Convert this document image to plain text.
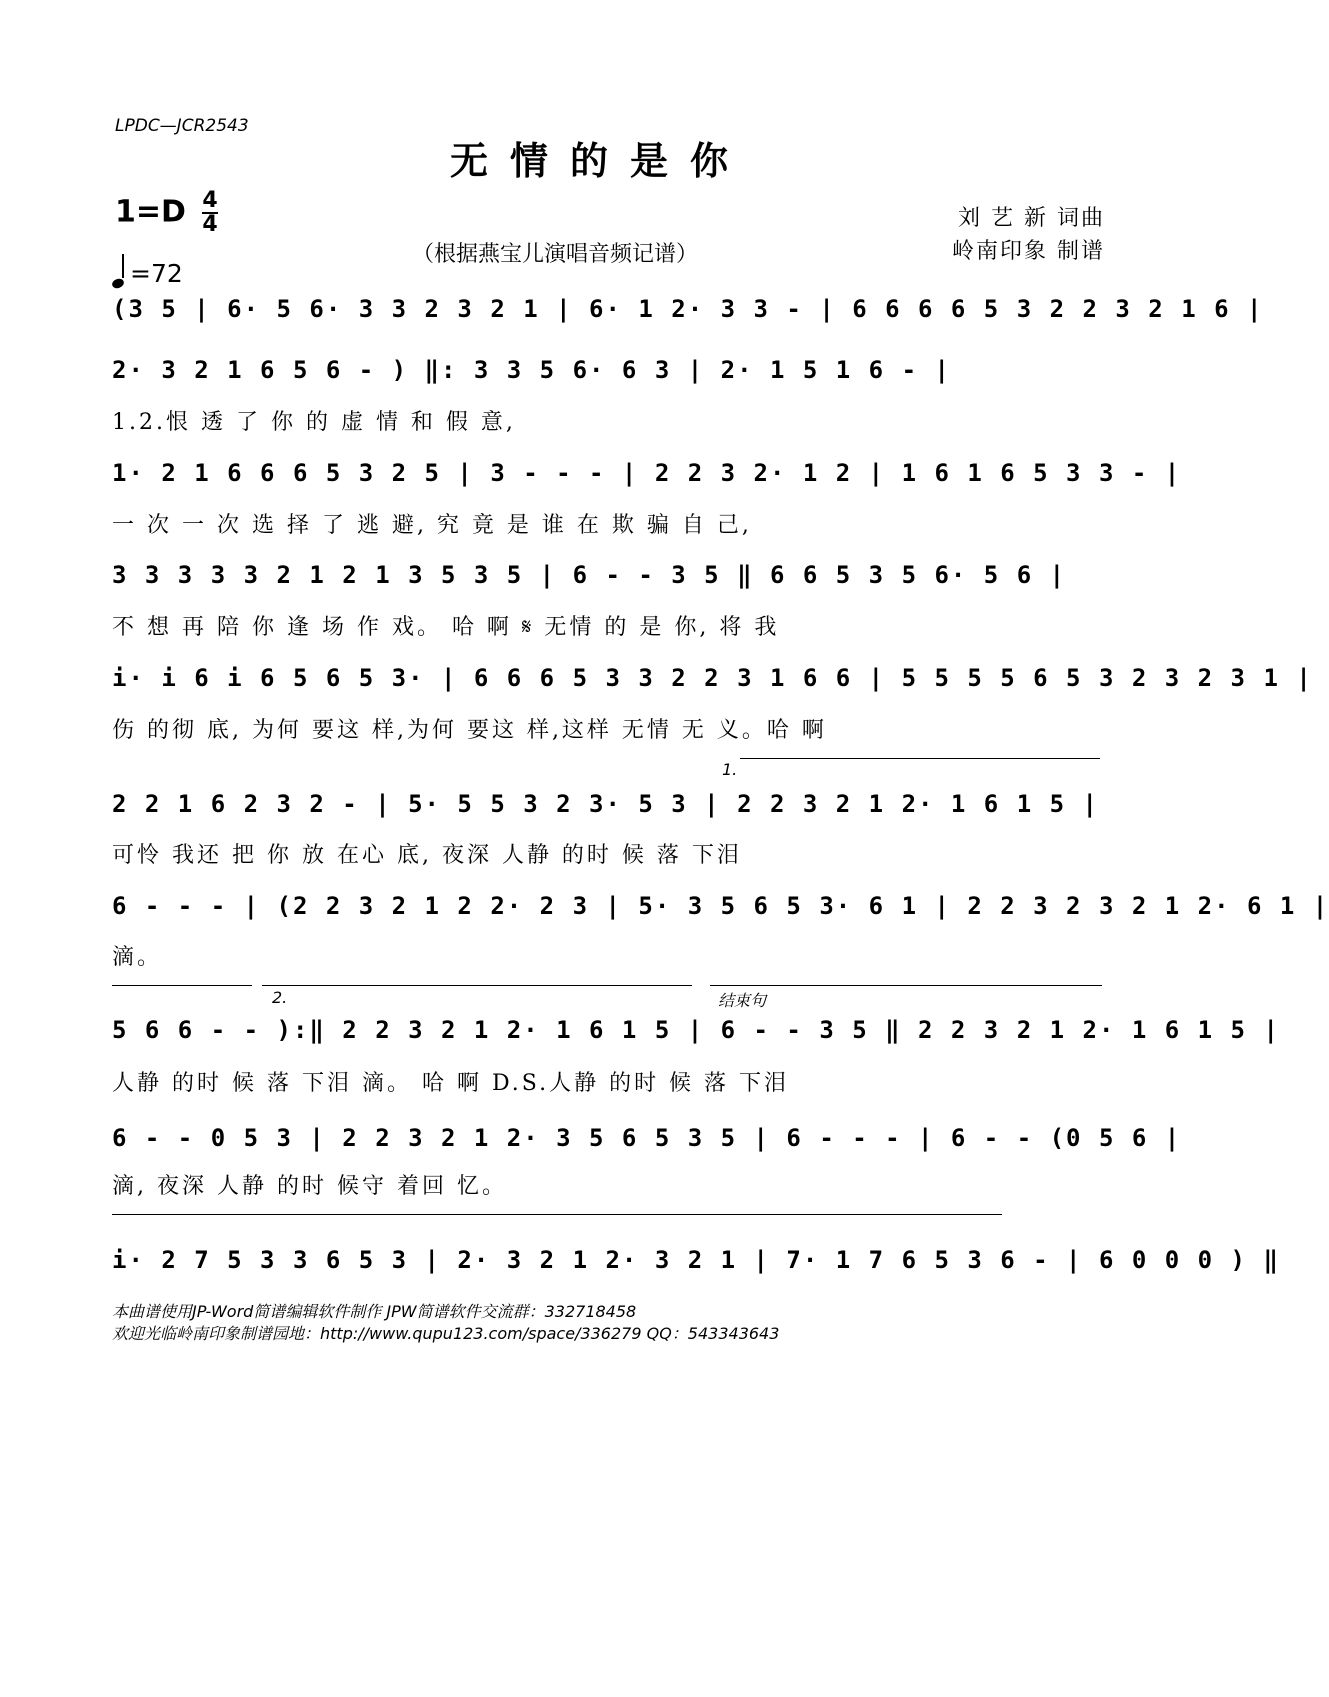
LPDC—JCR2543
无情的是你
$1=D \frac{4}{4}$
=72
（根据燕宝儿演唱音频记谱）
刘 艺 新 词曲
岭南印象 制谱
(3 5 | 6· 5 6· 3 3 2 3 2 1 | 6· 1 2· 3 3 - | 6 6 6 6 5 3 2 2 3 2 1 6 |
2· 3 2 1 6 5 6 - ) ‖: 3 3 5 6· 6 3 | 2· 1 5 1 6 - |
1.2.恨 透 了 你 的 虚 情 和 假 意,
1· 2 1 6 6 6 5 3 2 5 | 3 - - - | 2 2 3 2· 1 2 | 1 6 1 6 5 3 3 - |
一 次 一 次 选 择 了 逃 避, 究 竟 是 谁 在 欺 骗 自 己,
3 3 3 3 3 2 1 2 1 3 5 3 5 | 6 - - 3 5 ‖ 6 6 5 3 5 6· 5 6 |
不 想 再 陪 你 逢 场 作 戏。 哈 啊 𝄋 无情 的 是 你, 将 我
i· i 6 i 6 5 6 5 3· | 6 6 6 5 3 3 2 2 3 1 6 6 | 5 5 5 5 6 5 3 2 3 2 3 1 |
伤 的彻 底, 为何 要这 样,为何 要这 样,这样 无情 无 义。哈 啊
1.
2 2 1 6 2 3 2 - | 5· 5 5 3 2 3· 5 3 | 2 2 3 2 1 2· 1 6 1 5 |
可怜 我还 把 你 放 在心 底, 夜深 人静 的时 候 落 下泪
6 - - - | (2 2 3 2 1 2 2· 2 3 | 5· 3 5 6 5 3· 6 1 | 2 2 3 2 3 2 1 2· 6 1 |
滴。
2.	结束句
5 6 6 - - ):‖ 2 2 3 2 1 2· 1 6 1 5 | 6 - - 3 5 ‖ 2 2 3 2 1 2· 1 6 1 5 |
人静 的时 候 落 下泪 滴。 哈 啊 D.S.人静 的时 候 落 下泪
6 - - 0 5 3 | 2 2 3 2 1 2· 3 5 6 5 3 5 | 6 - - - | 6 - - (0 5 6 |
滴, 夜深 人静 的时 候守 着回 忆。
i· 2 7 5 3 3 6 5 3 | 2· 3 2 1 2· 3 2 1 | 7· 1 7 6 5 3 6 - | 6 0 0 0 ) ‖
本曲谱使用JP-Word简谱编辑软件制作 JPW简谱软件交流群：332718458
欢迎光临岭南印象制谱园地：http://www.qupu123.com/space/336279 QQ：543343643
